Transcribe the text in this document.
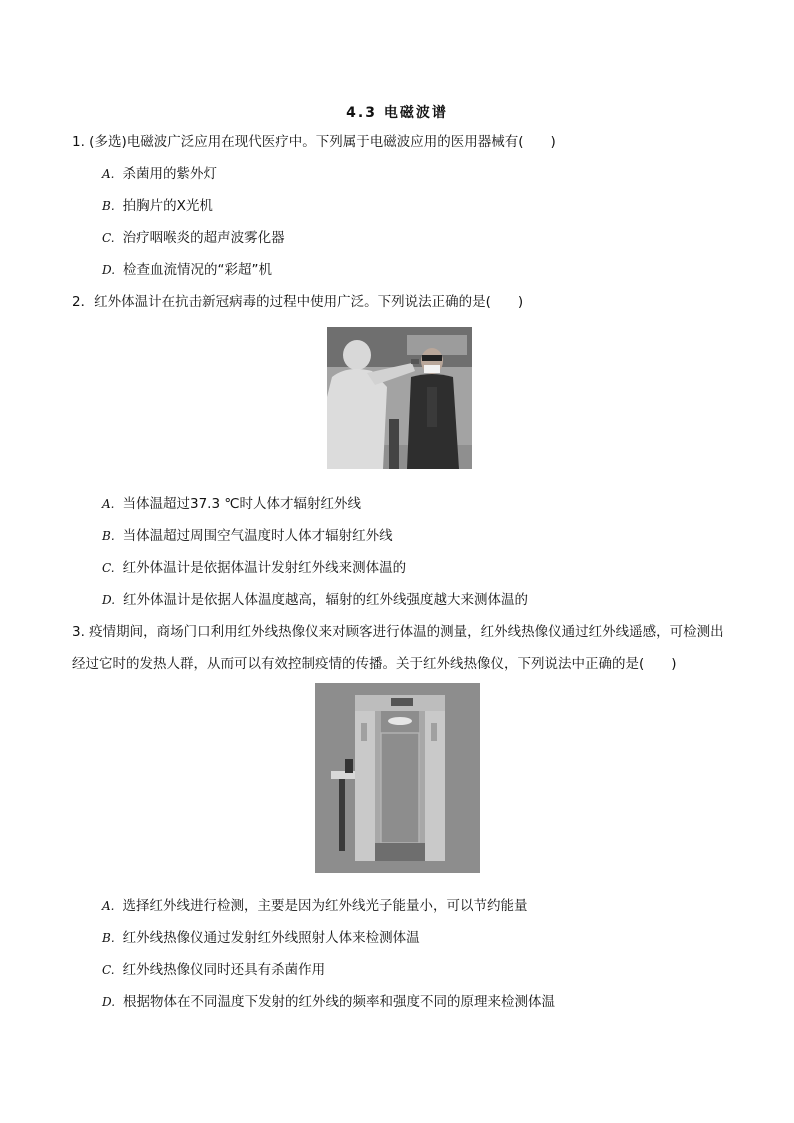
4.3 电磁波谱
1. (多选)电磁波广泛应用在现代医疗中。下列属于电磁波应用的医用器械有(　　)
A. 杀菌用的紫外灯
B. 拍胸片的X光机
C. 治疗咽喉炎的超声波雾化器
D. 检查血流情况的“彩超”机
2．红外体温计在抗击新冠病毒的过程中使用广泛。下列说法正确的是(　　)
A. 当体温超过37.3 ℃时人体才辐射红外线
B. 当体温超过周围空气温度时人体才辐射红外线
C. 红外体温计是依据体温计发射红外线来测体温的
D. 红外体温计是依据人体温度越高，辐射的红外线强度越大来测体温的
3. 疫情期间，商场门口利用红外线热像仪来对顾客进行体温的测量，红外线热像仪通过红外线遥感，可检测出经过它时的发热人群，从而可以有效控制疫情的传播。关于红外线热像仪，下列说法中正确的是(　　)
A. 选择红外线进行检测，主要是因为红外线光子能量小，可以节约能量
B. 红外线热像仪通过发射红外线照射人体来检测体温
C. 红外线热像仪同时还具有杀菌作用
D. 根据物体在不同温度下发射的红外线的频率和强度不同的原理来检测体温
